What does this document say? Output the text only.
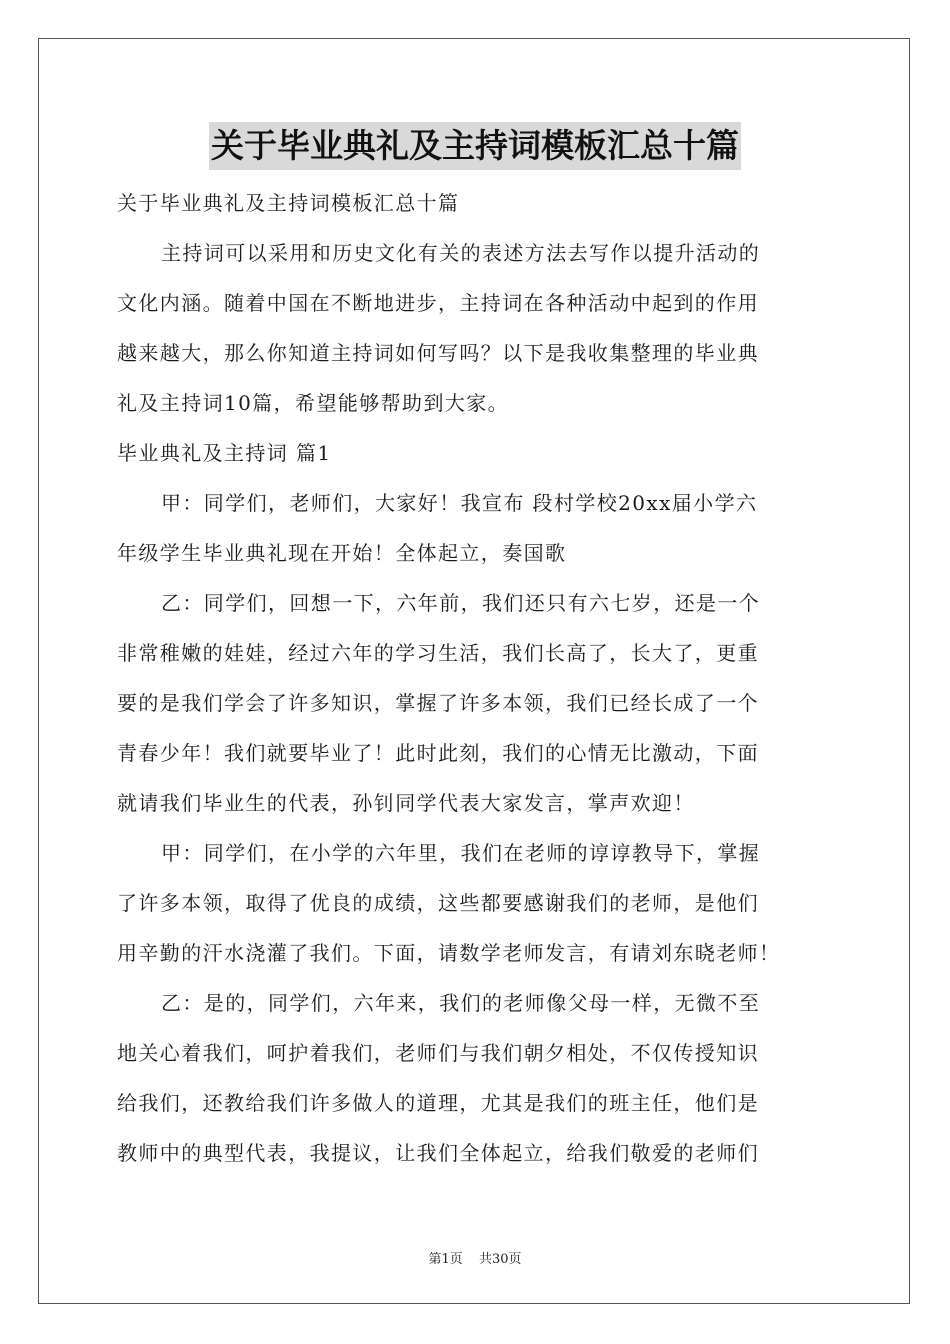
关于毕业典礼及主持词模板汇总十篇
关于毕业典礼及主持词模板汇总十篇
主持词可以采用和历史文化有关的表述方法去写作以提升活动的
文化内涵。随着中国在不断地进步，主持词在各种活动中起到的作用
越来越大，那么你知道主持词如何写吗？以下是我收集整理的毕业典
礼及主持词10篇，希望能够帮助到大家。
毕业典礼及主持词 篇1
甲：同学们，老师们，大家好！我宣布 段村学校20xx届小学六
年级学生毕业典礼现在开始！全体起立，奏国歌
乙：同学们，回想一下，六年前，我们还只有六七岁，还是一个
非常稚嫩的娃娃，经过六年的学习生活，我们长高了，长大了，更重
要的是我们学会了许多知识，掌握了许多本领，我们已经长成了一个
青春少年！我们就要毕业了！此时此刻，我们的心情无比激动，下面
就请我们毕业生的代表，孙钊同学代表大家发言，掌声欢迎！
甲：同学们，在小学的六年里，我们在老师的谆谆教导下，掌握
了许多本领，取得了优良的成绩，这些都要感谢我们的老师，是他们
用辛勤的汗水浇灌了我们。下面，请数学老师发言，有请刘东晓老师！
乙：是的，同学们，六年来，我们的老师像父母一样，无微不至
地关心着我们，呵护着我们，老师们与我们朝夕相处，不仅传授知识
给我们，还教给我们许多做人的道理，尤其是我们的班主任，他们是
教师中的典型代表，我提议，让我们全体起立，给我们敬爱的老师们
第1页 共30页
